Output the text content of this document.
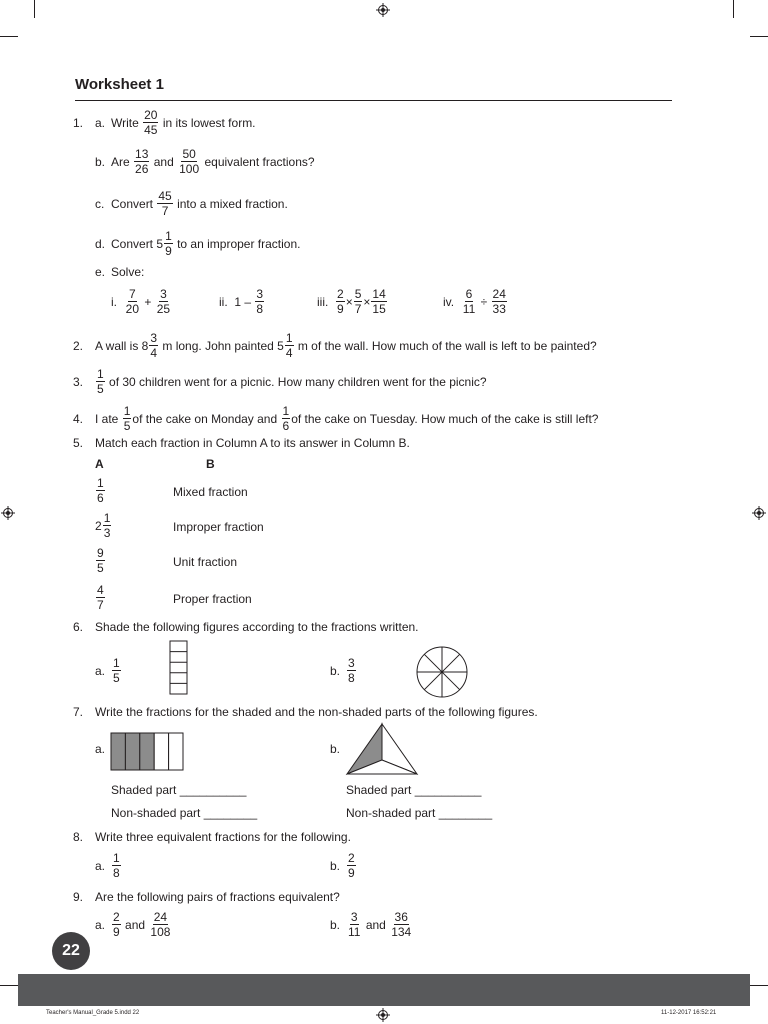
Worksheet 1
1. a. Write
$\frac{20}{45}$
in its lowest form.
b. Are
$\frac{13}{26}$
and
$\frac{50}{100}$
equivalent fractions?
c. Convert
$\frac{45}{7}$
into a mixed fraction.
d. Convert
$5 \frac{1}{9}$
to an improper fraction.
e. Solve:
i.
$\frac{7}{20}$
+
$\frac{3}{25}$	ii.
1 –
$\frac{3}{8}$	iii.
$\frac{2}{9} \times \frac{5}{7} \times \frac{14}{15}$	iv.
$\frac{6}{11}$
÷
$\frac{24}{33}$
2. A wall is $8 \frac{3}{4}$
m long. John painted $5 \frac{1}{4}$
m of the wall. How much of the wall is left to be painted?
3.	$\frac{1}{5}$
of 30 children went for a picnic. How many children went for the picnic?
4. I ate
$\frac{1}{5}$ of the cake on Monday and
$\frac{1}{6}$ of the cake on Tuesday. How much of the cake is still left?
5. Match each fraction in Column A to its answer in Column B.
A	B
$\frac{1}{6}$	Mixed fraction
$2 \frac{1}{3}$	Improper fraction
$\frac{9}{5}$	Unit fraction
$\frac{4}{7}$	Proper fraction
6. Shade the following figures according to the fractions written.
a. $\frac{1}{5}$	b. $\frac{3}{8}$
7. Write the fractions for the shaded and the non-shaded parts of the following figures.
a.	b.
Shaded part __________
Non-shaded part ________
Shaded part __________
Non-shaded part ________
8. Write three equivalent fractions for the following.
a. $\frac{1}{8}$	b. $\frac{2}{9}$
9. Are the following pairs of fractions equivalent?
a. $\frac{2}{9}$
and
$\frac{24}{108}$	b. $\frac{3}{11}$
and
$\frac{36}{134}$
22
Teacher's Manual_Grade 5.indd 22	11-12-2017 16:52:21
